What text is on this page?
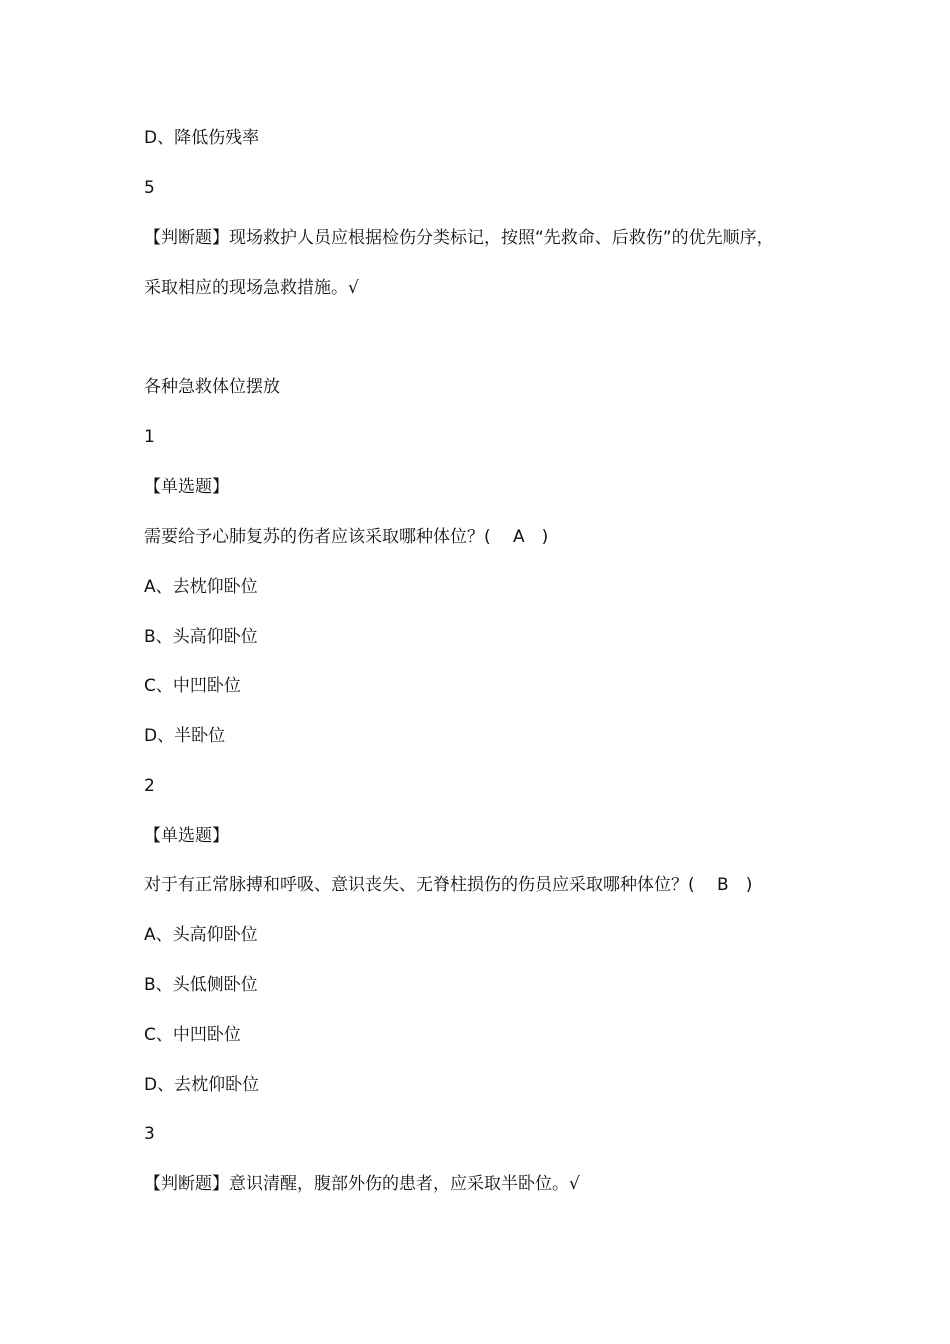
D、降低伤残率
5
【判断题】现场救护人员应根据检伤分类标记，按照“先救命、后救伤”的优先顺序，
采取相应的现场急救措施。√
各种急救体位摆放
1
【单选题】
需要给予心肺复苏的伤者应该采取哪种体位？(　 A　)
A、去枕仰卧位
B、头高仰卧位
C、中凹卧位
D、半卧位
2
【单选题】
对于有正常脉搏和呼吸、意识丧失、无脊柱损伤的伤员应采取哪种体位？(　 B　)
A、头高仰卧位
B、头低侧卧位
C、中凹卧位
D、去枕仰卧位
3
【判断题】意识清醒，腹部外伤的患者，应采取半卧位。√
